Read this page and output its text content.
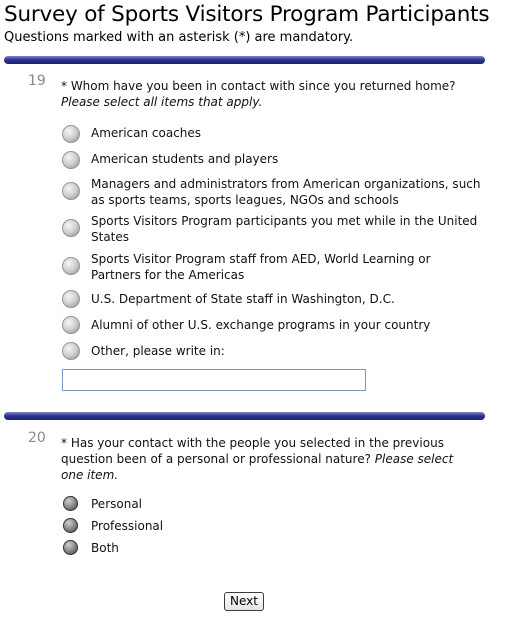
Survey of Sports Visitors Program Participants
Questions marked with an asterisk (*) are mandatory.
19 * Whom have you been in contact with since you returned home?
Please select all items that apply.
American coaches
American students and players
Managers and administrators from American organizations, such as sports teams, sports leagues, NGOs and schools
Sports Visitors Program participants you met while in the United States
Sports Visitor Program staff from AED, World Learning or Partners for the Americas
U.S. Department of State staff in Washington, D.C.
Alumni of other U.S. exchange programs in your country
Other, please write in:
20 * Has your contact with the people you selected in the previous question been of a personal or professional nature? Please select one item.
Personal
Professional
Both
Next
